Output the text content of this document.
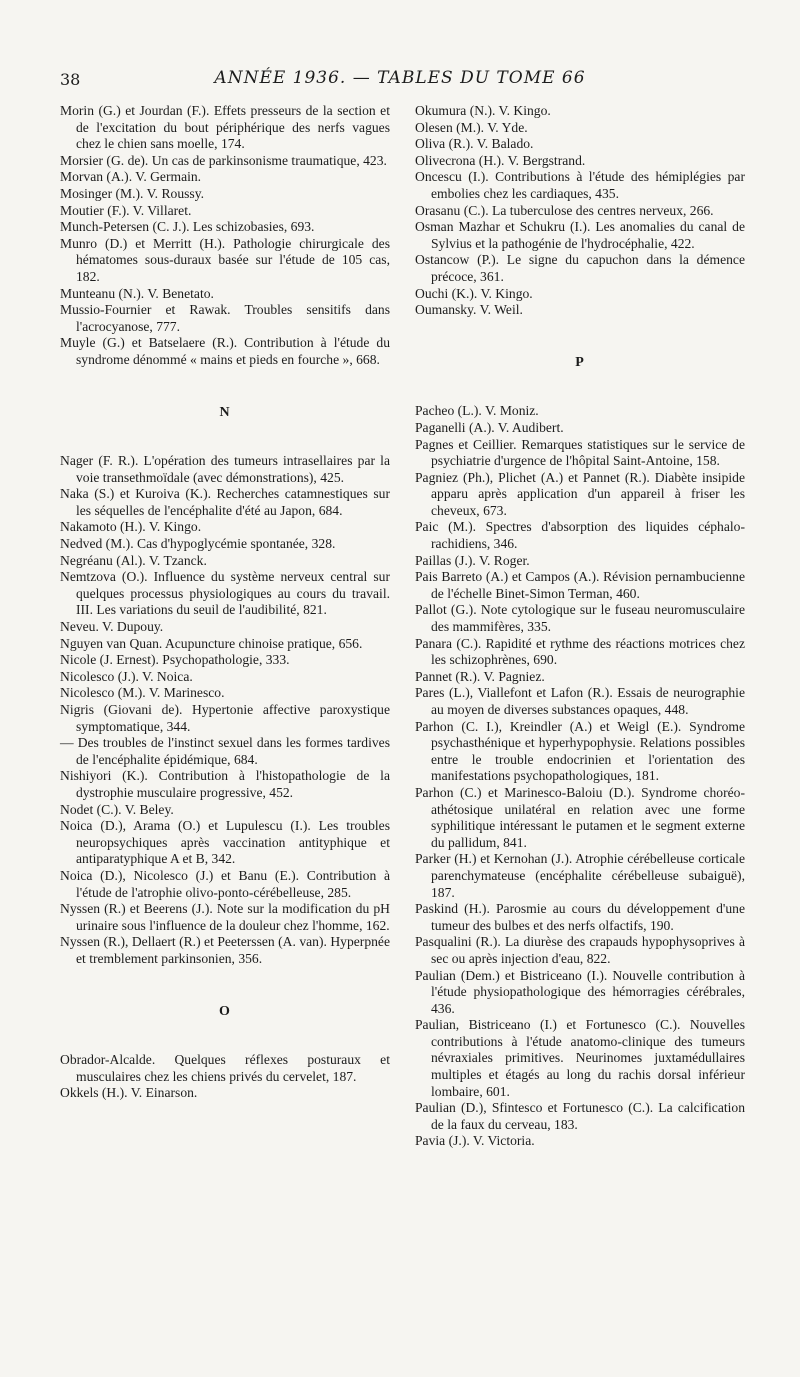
38	ANNÉE 1936. — TABLES DU TOME 66

Morin (G.) et Jourdan (F.). Effets presseurs de la section et de l'excitation du bout périphérique des nerfs vagues chez le chien sans moelle, 174.

Morsier (G. de). Un cas de parkinsonisme traumatique, 423.

Morvan (A.). V. Germain.

Mosinger (M.). V. Roussy.

Moutier (F.). V. Villaret.

Munch-Petersen (C. J.). Les schizobasies, 693.

Munro (D.) et Merritt (H.). Pathologie chirurgicale des hématomes sous-duraux basée sur l'étude de 105 cas, 182.

Munteanu (N.). V. Benetato.

Mussio-Fournier et Rawak. Troubles sensitifs dans l'acrocyanose, 777.

Muyle (G.) et Batselaere (R.). Contribution à l'étude du syndrome dénommé « mains et pieds en fourche », 668.

N

Nager (F. R.). L'opération des tumeurs intrasellaires par la voie transethmoïdale (avec démonstrations), 425.

Naka (S.) et Kuroiva (K.). Recherches catamnestiques sur les séquelles de l'encéphalite d'été au Japon, 684.

Nakamoto (H.). V. Kingo.

Nedved (M.). Cas d'hypoglycémie spontanée, 328.

Negréanu (Al.). V. Tzanck.

Nemtzova (O.). Influence du système nerveux central sur quelques processus physiologiques au cours du travail. III. Les variations du seuil de l'audibilité, 821.

Neveu. V. Dupouy.

Nguyen van Quan. Acupuncture chinoise pratique, 656.

Nicole (J. Ernest). Psychopathologie, 333.

Nicolesco (J.). V. Noica.

Nicolesco (M.). V. Marinesco.

Nigris (Giovani de). Hypertonie affective paroxystique symptomatique, 344.

— Des troubles de l'instinct sexuel dans les formes tardives de l'encéphalite épidémique, 684.

Nishiyori (K.). Contribution à l'histopathologie de la dystrophie musculaire progressive, 452.

Nodet (C.). V. Beley.

Noica (D.), Arama (O.) et Lupulescu (I.). Les troubles neuropsychiques après vaccination antityphique et antiparatyphique A et B, 342.

Noica (D.), Nicolesco (J.) et Banu (E.). Contribution à l'étude de l'atrophie olivo-ponto-cérébelleuse, 285.

Nyssen (R.) et Beerens (J.). Note sur la modification du pH urinaire sous l'influence de la douleur chez l'homme, 162.

Nyssen (R.), Dellaert (R.) et Peeterssen (A. van). Hyperpnée et tremblement parkinsonien, 356.

O

Obrador-Alcalde. Quelques réflexes posturaux et musculaires chez les chiens privés du cervelet, 187.

Okkels (H.). V. Einarson.

Okumura (N.). V. Kingo.

Olesen (M.). V. Yde.

Oliva (R.). V. Balado.

Olivecrona (H.). V. Bergstrand.

Oncescu (I.). Contributions à l'étude des hémiplégies par embolies chez les cardiaques, 435.

Orasanu (C.). La tuberculose des centres nerveux, 266.

Osman Mazhar et Schukru (I.). Les anomalies du canal de Sylvius et la pathogénie de l'hydrocéphalie, 422.

Ostancow (P.). Le signe du capuchon dans la démence précoce, 361.

Ouchi (K.). V. Kingo.

Oumansky. V. Weil.

P

Pacheo (L.). V. Moniz.

Paganelli (A.). V. Audibert.

Pagnes et Ceillier. Remarques statistiques sur le service de psychiatrie d'urgence de l'hôpital Saint-Antoine, 158.

Pagniez (Ph.), Plichet (A.) et Pannet (R.). Diabète insipide apparu après application d'un appareil à friser les cheveux, 673.

Paic (M.). Spectres d'absorption des liquides céphalo-rachidiens, 346.

Paillas (J.). V. Roger.

Pais Barreto (A.) et Campos (A.). Révision pernambucienne de l'échelle Binet-Simon Terman, 460.

Pallot (G.). Note cytologique sur le fuseau neuromusculaire des mammifères, 335.

Panara (C.). Rapidité et rythme des réactions motrices chez les schizophrènes, 690.

Pannet (R.). V. Pagniez.

Pares (L.), Viallefont et Lafon (R.). Essais de neurographie au moyen de diverses substances opaques, 448.

Parhon (C. I.), Kreindler (A.) et Weigl (E.). Syndrome psychasthénique et hyperhypophysie. Relations possibles entre le trouble endocrinien et l'orientation des manifestations psychopathologiques, 181.

Parhon (C.) et Marinesco-Baloiu (D.). Syndrome choréo-athétosique unilatéral en relation avec une forme syphilitique intéressant le putamen et le segment externe du pallidum, 841.

Parker (H.) et Kernohan (J.). Atrophie cérébelleuse corticale parenchymateuse (encéphalite cérébelleuse subaiguë), 187.

Paskind (H.). Parosmie au cours du développement d'une tumeur des bulbes et des nerfs olfactifs, 190.

Pasqualini (R.). La diurèse des crapauds hypophysoprives à sec ou après injection d'eau, 822.

Paulian (Dem.) et Bistriceano (I.). Nouvelle contribution à l'étude physiopathologique des hémorragies cérébrales, 436.

Paulian, Bistriceano (I.) et Fortunesco (C.). Nouvelles contributions à l'étude anatomo-clinique des tumeurs névraxiales primitives. Neurinomes juxtamédullaires multiples et étagés au long du rachis dorsal inférieur lombaire, 601.

Paulian (D.), Sfintesco et Fortunesco (C.). La calcification de la faux du cerveau, 183.

Pavia (J.). V. Victoria.
